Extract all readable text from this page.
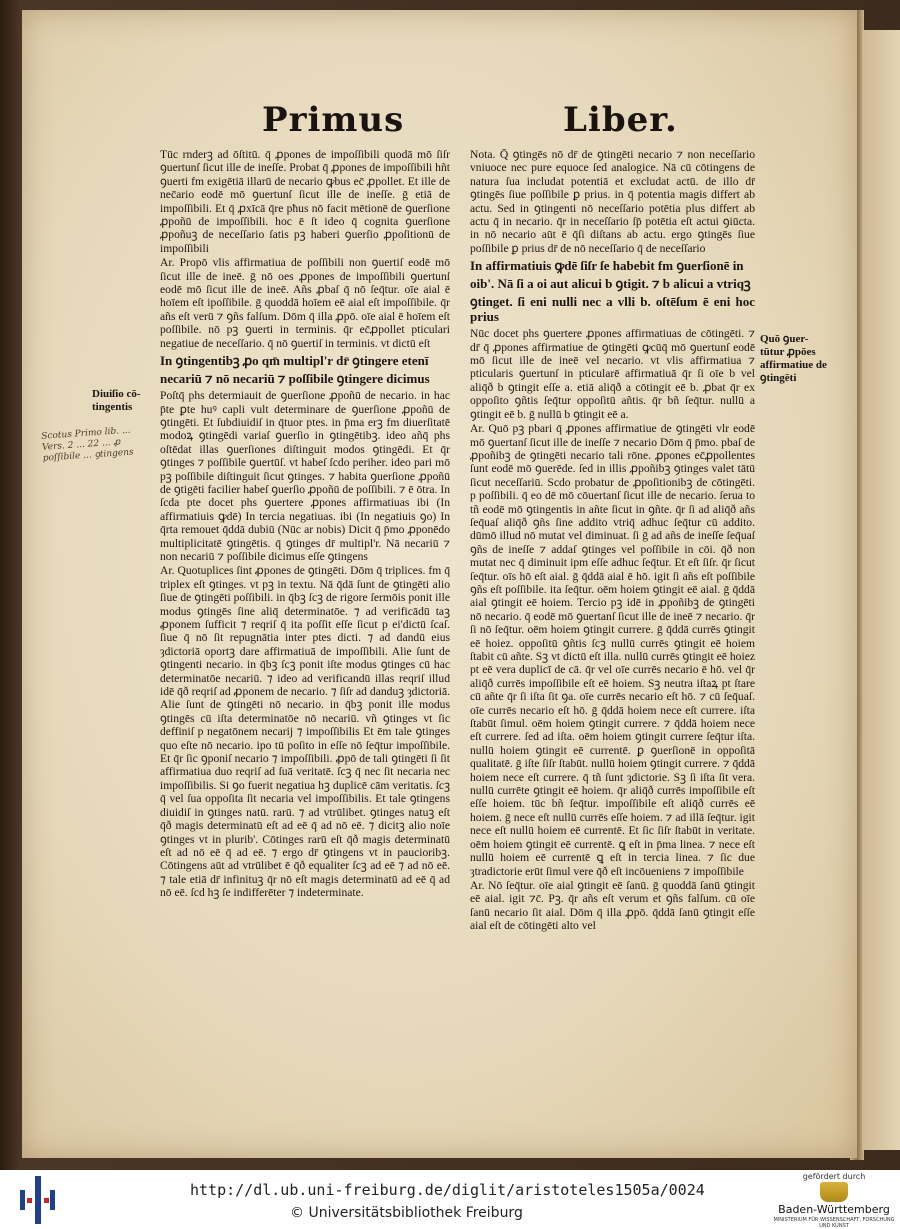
Primus	Liber.

Tūc rnderꝫ ad ōſtitū. q̄ ꝓpones de impoſſibili quodā mō ſiſr ꝯuertunſ ſicut ille de ineſſe. Probat q̄ ꝓpones de impoſſibili hñt ꝯuerti fm exigētiā illarū de necario ꝙbus ec̄ ꝓpollet. Et ille de nec̄ario eodē mō ꝯuertunſ ſicut ille de ineſſe. ḡ etiā de impoſſibili. Et q̄ ꝓxīcā q̄re pħus nō facit mētionē de ꝯuerſione ꝓpoñū de impoſſibili. hoc ē ſt ideo q̄ cognita ꝯuerſione ꝓpoñuꝫ de neceſſario ſatis pꝫ haberi ꝯuerſio ꝓpoſitionū de impoſſibili

Ar. Propō vlis affirmatiua de poſſibili non ꝯuertiſ eodē mō ſicut ille de ineē. ḡ nō oes ꝓpones de impoſſibili ꝯuertunſ eodē mō ſicut ille de ineē. Añs ꝓbaſ q̄ nō ſeq̄tur. oīe aial ē hoīem eſt ipoſſibile. ḡ quoddā hoīem eē aial eſt impoſſibile. q̄r añs eſt verū ⁊ ꝯñs falſum. Dōm q̄ illa ꝓpō. oīe aial ē hoīem eſt poſſibile. nō pꝫ ꝯuerti in terminis. q̄r ec̄ꝓpollet pticulari negatiue de neceſſario. q̄ nō ꝯuertiſ in terminis. vt dictū eſt

In ꝯtingentibꝫ ꝓo qm̄ multipl'r dr̄ ꝯtingere etenī

necariū ⁊ nō necariū ⁊ poſſibile ꝯtingere dicimus

Poſtq̄ phs determiauit de ꝯuerſione ꝓpoñū de necario. in hac p̄te ꝑte huꝰ capli vult determinare de ꝯuerſione ꝓpoñū de ꝯtingēti. Et ſubdiuidiſ in q̄tuor ptes. in p̄ma erꝫ fm diuerſitatē modoꝝ ꝯtingēdi variaſ ꝯuerſio in ꝯtingētibꝫ. ideo añq̄ phs oſtēdat illas ꝯuerſiones diſtinguit modos ꝯtingēdi. Et q̄r ꝯtinges ⁊ poſſibile ꝯuertūſ. vt habeſ ſcdo periher. ideo pari mō pꝫ poſſibile diſtinguit ſicut ꝯtinges. ⁊ habita ꝯuerſione ꝓpoñū de ꝯtigēti facilier habeſ ꝯuerſio ꝓpoñū de poſſibili. ⁊ ē ōtra. In ſcda pte docet phs ꝯuertere ꝓpones affirmatiuas ibi (In affirmatiuis ꝙdē) In tercia negatiuas. ibi (In negatiuis ꝯo) In q̄rta remouet q̄ddā dubiū (Nūc ar nobis) Dicit q̄ p̄mo ꝓponēdo multiplicitatē ꝯtingētis. q̄ ꝯtinges dr̄ multipl'r. Nā necariū ⁊ non necariū ⁊ poſſibile dicimus eſſe ꝯtingens

Ar. Quotuplices ſint ꝓpones de ꝯtingēti. Dōm q̄ triplices. fm q̄ triplex eſt ꝯtinges. vt pꝫ in textu. Nā q̄dā ſunt de ꝯtingēti alio ſiue de ꝯtingēti poſſibili. in q̄bꝫ ſcꝫ de rigore ſermōis ponit ille modus ꝯtingēs ſine aliq̄ determinatōe. ⁊ ad verificādū taꝫ ꝓponem ſufficit ⁊ reqriſ q̄ ita poſſit eſſe ſicut p ei'dictū ſcaſ. ſiue q̄ nō ſit repugnātia inter ptes dicti. ⁊ ad dandū eius ȝdictoriā oportꝫ dare affirmatiuā de impoſſibili. Alie ſunt de ꝯtingenti necario. in q̄bꝫ ſcꝫ ponit iſte modus ꝯtinges cū hac determinatōe necariū. ⁊ ideo ad verificandū illas reqriſ illud idē q̄ð reqriſ ad ꝓponem de necario. ⁊ ſiſr ad danduꝫ ȝdictoriā. Alie ſunt de ꝯtingēti nō necario. in q̄bꝫ ponit ille modus ꝯtingēs cū iſta determinatōe nō necariū. vñ ꝯtinges vt ſic deffiniſ p negatōnem necarij ⁊ impoſſibilis Et ēm tale ꝯtinges quo eſte nō necario. ipo tū poſito in eſſe nō ſeq̄tur impoſſibile. Et q̄r ſic ꝯponiſ necario ⁊ impoſſibili. ꝓpō de tali ꝯtingēti ſi ſit affirmatiua duo reqriſ ad ſuā veritatē. ſcꝫ q̄ nec ſit necaria nec impoſſibilis. Si ꝯo fuerit negatiua hꝫ duplicē cām veritatis. ſcꝫ q̄ vel ſua oppoſita ſit necaria vel impoſſibilis. Et tale ꝯtingens diuidiſ in ꝯtinges natū. rarū. ⁊ ad vtrūlibet. ꝯtinges natuꝫ eſt q̄ð magis determinatū eſt ad eē q̄ ad nō eē. ⁊ dicitꝫ alio noīe ꝯtinges vt in plurib'. Cōtinges rarū eſt q̄ð magis determinatū eſt ad nō eē q̄ ad eē. ⁊ ergo dr̄ ꝯtingens vt in paucioribꝫ. Cōtingens aūt ad vtrūlibet ē q̄ð equaliter ſcꝫ ad eē ⁊ ad nō eē. ⁊ tale etiā dr̄ infinituꝫ q̄r nō eſt magis determinatū ad eē q̄ ad nō eē. ſcd hꝫ ſe indifferēter ⁊ indeterminate.

Nota. Q̄ ꝯtingēs nō dr̄ de ꝯtingēti necario ⁊ non neceſſario vniuoce nec pure equoce ſed analogice. Nā cū cōtingens de natura ſua includat potentiā et excludat actū. de illo dr̄ ꝯtingēs ſiue poſſibile ꝑ prius. in q̄ potentia magis differt ab actu. Sed in ꝯtingenti nō neceſſario potētia plus differt ab actu q̄ in necario. q̄r in neceſſario ſp̄ potētia eſt actui ꝯiūcta. in nō necario aūt ē q̄ſi diſtans ab actu. ergo ꝯtingēs ſiue poſſibile ꝑ prius dr̄ de nō neceſſario q̄ de neceſſario

In affirmatiuis ꝙdē ſiſr ſe habebit fm ꝯuerſionē in

oib'. Nā ſi a oi aut alicui b ꝯtigit. ⁊ b alicui a vtriqꝫ

ꝯtinget. ſi eni nulli nec a vlli b. oſtēſum ē eni hoc prius

Nūc docet phs ꝯuertere ꝓpones affirmatiuas de cōtingēti. ⁊ dr̄ q̄ ꝓpones affirmatiue de ꝯtingēti ꝙcūq̄ mō ꝯuertunſ eodē mō ſicut ille de ineē vel necario. vt vlis affirmatiua ⁊ pticularis ꝯuertunſ in pticularē affirmatiuā q̄r ſi oīe b vel aliq̄ð b ꝯtingit eſſe a. etiā aliq̄ð a cōtingit eē b. ꝓbat q̄r ex oppoſito ꝯñtis ſeq̄tur oppoſitū añtis. q̄r bñ ſeq̄tur. nullū a ꝯtingit eē b. ḡ nullū b ꝯtingit eē a.

Ar. Quō pꝫ pbari q̄ ꝓpones affirmatiue de ꝯtingēti vlr eodē mō ꝯuertanſ ſicut ille de ineſſe ⁊ necario Dōm q̄ p̄mo. pbaſ de ꝓpoñibꝫ de ꝯtingēti necario tali rōne. ꝓpones ec̄ꝓpollentes ſunt eodē mō ꝯuerēde. ſed in illis ꝓpoñibꝫ ꝯtinges valet tātū ſicut neceſſariū. Scdo probatur de ꝓpoſitionibꝫ de cōtingēti. p poſſibili. q̄ eo dē mō cōuertanſ ſicut ille de necario. ſerua to tñ eodē mō ꝯtingentis in añte ſicut in ꝯñte. q̄r ſi ad aliq̄ð añs ſeq̄uaſ aliq̄ð ꝯñs ſine addito vtriq̄ adhuc ſeq̄tur cū addito. dūmō illud nō mutat vel diminuat. ſi ḡ ad añs de ineſſe ſeq̄uaſ ꝯñs de ineſſe ⁊ addaſ ꝯtinges vel poſſibile in cōi. q̄ð non mutat nec q̄ diminuit ipm eſſe adhuc ſeq̄tur. Et eſt ſiſr. q̄r ſicut ſeq̄tur. oīs hō eſt aial. ḡ q̄ddā aial ē hō. igit ſi añs eſt poſſibile ꝯñs eſt poſſibile. ita ſeq̄tur. oēm hoiem ꝯtingit eē aial. ḡ q̄ddā aial ꝯtingit eē hoiem. Tercio pꝫ idē in ꝓpoñibꝫ de ꝯtingēti nō necario. q̄ eodē mō ꝯuertanſ ſicut ille de ineē ⁊ necario. q̄r ſi nō ſeq̄tur. oēm hoiem ꝯtingit currere. ḡ q̄ddā currēs ꝯtingit eē hoiez. oppoſitū ꝯñtis ſcꝫ nullū currēs ꝯtingit eē hoiem ſtabit cū añte. Sꝫ vt dictū eſt illa. nullū currēs ꝯtingit eē hoiez pt eē vera duplicī de cā. q̄r vel oīe currēs necario ē hō. vel q̄r aliq̄ð currēs impoſſibile eſt eē hoiem. Sꝫ neutra iſtaꝝ pt ſtare cū añte q̄r ſi iſta ſit ꝯa. oīe currēs necario eſt hō. ⁊ cū ſeq̄uaſ. oīe currēs necario eſt hō. ḡ q̄ddā hoiem nece eſt currere. iſta ſtabūt ſimul. oēm hoiem ꝯtingit currere. ⁊ q̄ddā hoiem nece eſt currere. ſed ad iſta. oēm hoiem ꝯtingit currere ſeq̄tur iſta. nullū hoiem ꝯtingit eē currentē. ꝑ ꝯuerſionē in oppoſitā qualitatē. ḡ iſte ſiſr ſtabūt. nullū hoiem ꝯtingit currere. ⁊ q̄ddā hoiem nece eſt currere. q̄ tñ ſunt ȝdictorie. Sꝫ ſi iſta ſit vera. nullū currēte ꝯtingit eē hoiem. q̄r aliq̄ð currēs impoſſibile eſt eſſe hoiem. tūc bñ ſeq̄tur. impoſſibile eſt aliq̄ð currēs eē hoiem. ḡ nece eſt nullū currēs eſſe hoiem. ⁊ ad illā ſeq̄tur. igit nece eſt nullū hoiem eē currentē. Et ſic ſiſr ſtabūt in veritate. oēm hoiem ꝯtingit eē currentē. ꝗ eſt in p̄ma linea. ⁊ nece eſt nullū hoiem eē currentē ꝗ eſt in tercia linea. ⁊ ſic due ȝtradictorie erūt ſimul vere q̄ð eſt incōueniens ⁊ impoſſibile

Ar. Nō ſeq̄tur. oīe aial ꝯtingit eē ſanū. ḡ quoddā ſanū ꝯtingit eē aial. igit ⁊c̄. Pꝫ. q̄r añs eſt verum et ꝯñs falſum. cū oīe ſanū necario ſit aial. Dōm q̄ illa ꝓpō. q̄ddā ſanū ꝯtingit eſſe aial eſt de cōtingēti alto vel

Diuiſio cō- tingentis
Quō ꝯuer- tūtur ꝓpōes affirmatiue de ꝯtingēti
Scotus Primo lib. ... Vers. 2 ... 22 ... ꝓ poſſibile ... ꝯtingens
http://dl.ub.uni-freiburg.de/diglit/aristoteles1505a/0024
© Universitätsbibliothek Freiburg
gefördert durch
Baden-Württemberg
MINISTERIUM FÜR WISSENSCHAFT, FORSCHUNG UND KUNST
